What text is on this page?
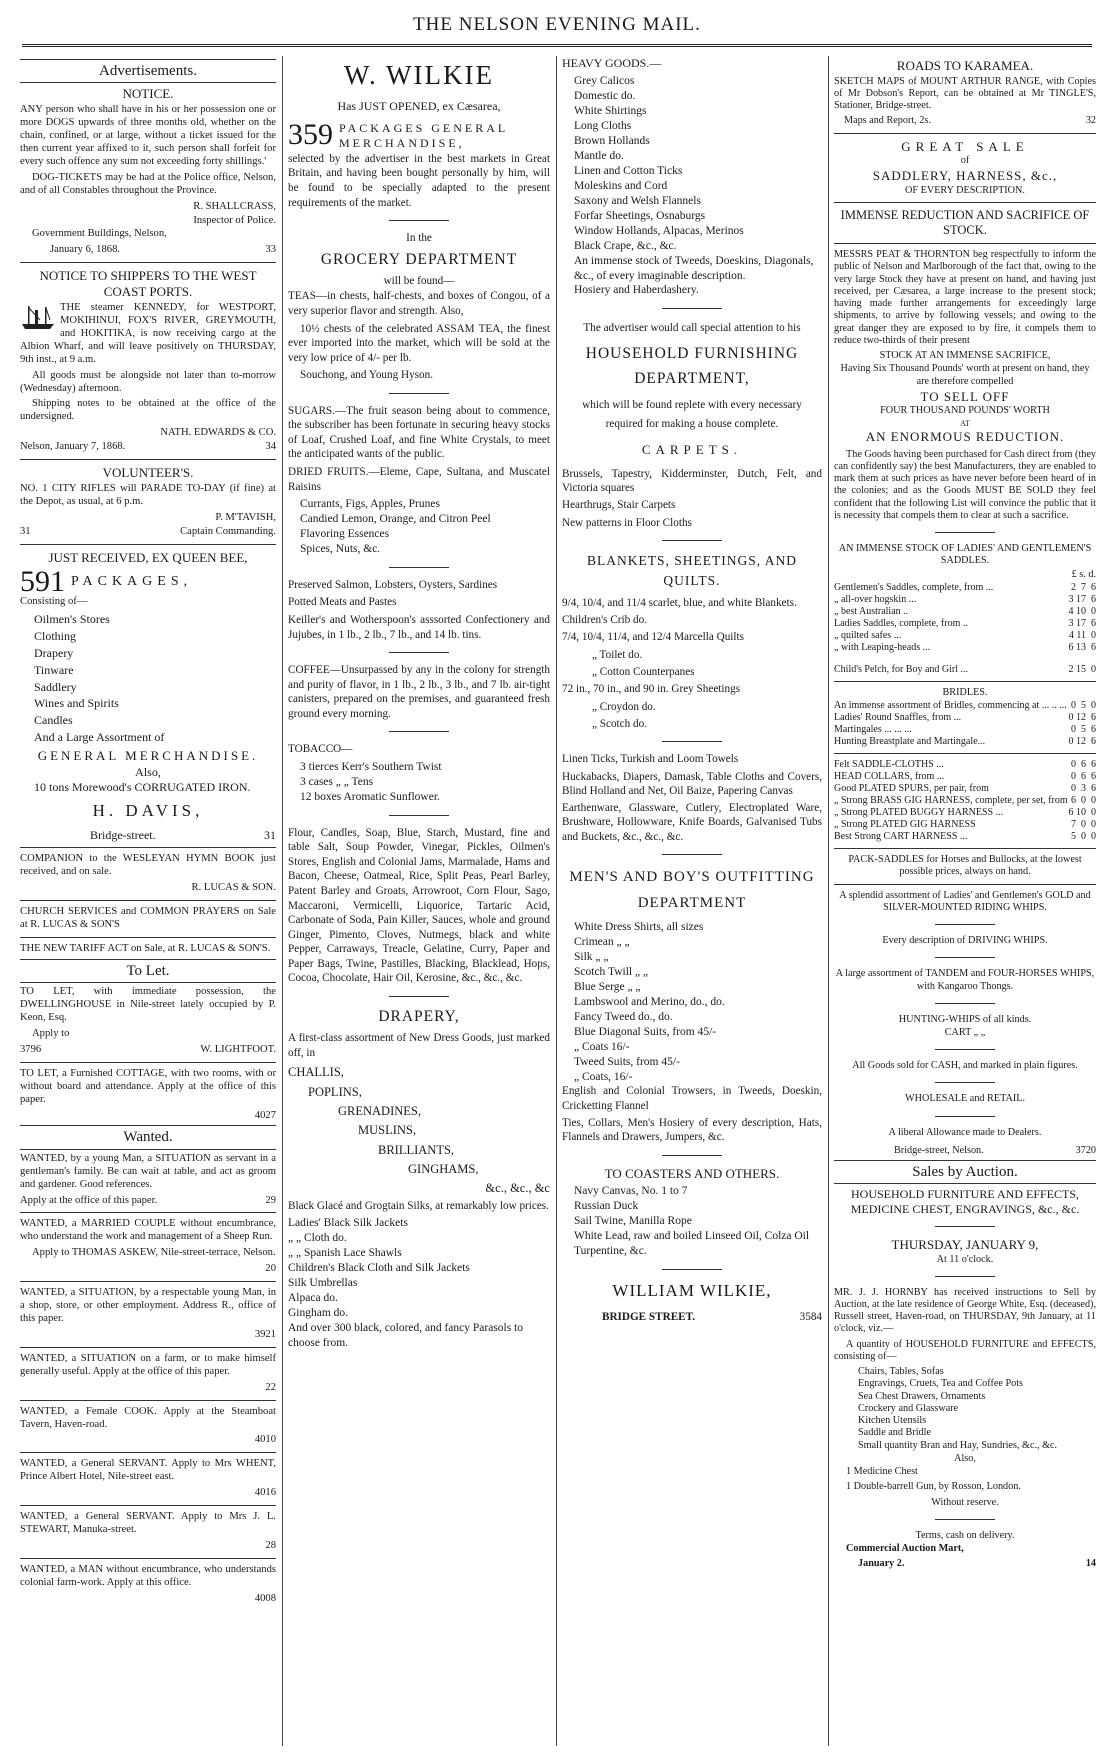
THE NELSON EVENING MAIL.
Advertisements.
NOTICE.

ANY person who shall have in his or her possession one or more DOGS upwards of three months old, whether on the chain, confined, or at large, without a ticket issued for the then current year affixed to it, such person shall forfeit for every such offence any sum not exceeding forty shillings.'

DOG-TICKETS may be had at the Police office, Nelson, and of all Constables throughout the Province.

R. SHALLCRASS,

Inspector of Police.

Government Buildings, Nelson,

January 6, 1868.	33
NOTICE TO SHIPPERS TO THE WEST COAST PORTS.

THE steamer KENNEDY, for WESTPORT, MOKIHINUI, FOX'S RIVER, GREYMOUTH, and HOKITIKA, is now receiving cargo at the Albion Wharf, and will leave positively on THURSDAY, 9th inst., at 9 a.m.

All goods must be alongside not later than to-morrow (Wednesday) afternoon.

Shipping notes to be obtained at the office of the undersigned.

NATH. EDWARDS & CO.

Nelson, January 7, 1868.	34
VOLUNTEER'S.

NO. 1 CITY RIFLES will PARADE TO-DAY (if fine) at the Depot, as usual, at 6 p.m.

P. M'TAVISH,

31	Captain Commanding.
JUST RECEIVED, EX QUEEN BEE,
591 PACKAGES,

Consisting of—

Oilmen's Stores
Clothing
Drapery
Tinware
Saddlery
Wines and Spirits
Candles
And a Large Assortment of
GENERAL MERCHANDISE.
Also,

10 tons Morewood's CORRUGATED IRON.

H. DAVIS,
Bridge-street.	31

COMPANION to the WESLEYAN HYMN BOOK just received, and on sale.

R. LUCAS & SON.

CHURCH SERVICES and COMMON PRAYERS on Sale at R. LUCAS & SON'S

THE NEW TARIFF ACT on Sale, at R. LUCAS & SON'S.

To Let.

TO LET, with immediate possession, the DWELLINGHOUSE in Nile-street lately occupied by P. Keon, Esq.

Apply to

3796	W. LIGHTFOOT.

TO LET, a Furnished COTTAGE, with two rooms, with or without board and attendance. Apply at the office of this paper.

4027

Wanted.

WANTED, by a young Man, a SITUATION as servant in a gentleman's family. Be can wait at table, and act as groom and gardener. Good references.

Apply at the office of this paper.	29

WANTED, a MARRIED COUPLE without encumbrance, who understand the work and management of a Sheep Run.

Apply to THOMAS ASKEW, Nile-street-terrace, Nelson.

20

WANTED, a SITUATION, by a respectable young Man, in a shop, store, or other employment. Address R., office of this paper.

3921

WANTED, a SITUATION on a farm, or to make himself generally useful. Apply at the office of this paper.

22

WANTED, a Female COOK. Apply at the Steamboat Tavern, Haven-road.

4010

WANTED, a General SERVANT. Apply to Mrs WHENT, Prince Albert Hotel, Nile-street east.

4016

WANTED, a General SERVANT. Apply to Mrs J. L. STEWART, Manuka-street.

28

WANTED, a MAN without encumbrance, who understands colonial farm-work. Apply at this office.

4008

W. WILKIE
Has JUST OPENED, ex Cæsarea,
359 PACKAGES GENERAL MERCHANDISE,

selected by the advertiser in the best markets in Great Britain, and having been bought personally by him, will be found to be specially adapted to the present requirements of the market.

In the
GROCERY DEPARTMENT
will be found—

TEAS—in chests, half-chests, and boxes of Congou, of a very superior flavor and strength. Also,

10½ chests of the celebrated ASSAM TEA, the finest ever imported into the market, which will be sold at the very low price of 4/- per lb.

Souchong, and Young Hyson.

SUGARS.—The fruit season being about to commence, the subscriber has been fortunate in securing heavy stocks of Loaf, Crushed Loaf, and fine White Crystals, to meet the anticipated wants of the public.

DRIED FRUITS.—Eleme, Cape, Sultana, and Muscatel Raisins

Currants, Figs, Apples, Prunes
Candied Lemon, Orange, and Citron Peel
Flavoring Essences
Spices, Nuts, &c.

Preserved Salmon, Lobsters, Oysters, Sardines

Potted Meats and Pastes

Keiller's and Wotherspoon's asssorted Confectionery and Jujubes, in 1 lb., 2 lb., 7 lb., and 14 lb. tins.

COFFEE—Unsurpassed by any in the colony for strength and purity of flavor, in 1 lb., 2 lb., 3 lb., and 7 lb. air-tight canisters, prepared on the premises, and guaranteed fresh ground every morning.

TOBACCO—

3 tierces Kerr's Southern Twist
3 cases „ „ Tens
12 boxes Aromatic Sunflower.

Flour, Candles, Soap, Blue, Starch, Mustard, fine and table Salt, Soup Powder, Vinegar, Pickles, Oilmen's Stores, English and Colonial Jams, Marmalade, Hams and Bacon, Cheese, Oatmeal, Rice, Split Peas, Pearl Barley, Patent Barley and Groats, Arrowroot, Corn Flour, Sago, Maccaroni, Vermicelli, Liquorice, Tartaric Acid, Carbonate of Soda, Pain Killer, Sauces, whole and ground Ginger, Pimento, Cloves, Nutmegs, black and white Pepper, Carraways, Treacle, Gelatine, Curry, Paper and Paper Bags, Twine, Pastilles, Blacking, Blacklead, Hops, Cocoa, Chocolate, Hair Oil, Kerosine, &c., &c., &c.

DRAPERY,

A first-class assortment of New Dress Goods, just marked off, in

CHALLIS,
POPLINS,
GRENADINES,
MUSLINS,
BRILLIANTS,
GINGHAMS,
&c., &c., &c

Black Glacé and Grogtain Silks, at remarkably low prices.

Ladies' Black Silk Jackets
„ „ Cloth do.
„ „ Spanish Lace Shawls
Children's Black Cloth and Silk Jackets
Silk Umbrellas
Alpaca do.
Gingham do.
And over 300 black, colored, and fancy Parasols to choose from.

HEAVY GOODS.—

Grey Calicos
Domestic do.
White Shirtings
Long Cloths
Brown Hollands
Mantle do.
Linen and Cotton Ticks
Moleskins and Cord
Saxony and Welsh Flannels
Forfar Sheetings, Osnaburgs
Window Hollands, Alpacas, Merinos
Black Crape, &c., &c.
An immense stock of Tweeds, Doeskins, Diagonals, &c., of every imaginable description.
Hosiery and Haberdashery.

The advertiser would call special attention to his

HOUSEHOLD FURNISHING DEPARTMENT,

which will be found replete with every necessary required for making a house complete.

CARPETS.

Brussels, Tapestry, Kidderminster, Dutch, Felt, and Victoria squares

Hearthrugs, Stair Carpets

New patterns in Floor Cloths

BLANKETS, SHEETINGS, AND QUILTS.

9/4, 10/4, and 11/4 scarlet, blue, and white Blankets.

Children's Crib do.

7/4, 10/4, 11/4, and 12/4 Marcella Quilts

„ Toilet do.

„ Cotton Counterpanes

72 in., 70 in., and 90 in. Grey Sheetings

„ Croydon do.

„ Scotch do.

Linen Ticks, Turkish and Loom Towels

Huckabacks, Diapers, Damask, Table Cloths and Covers, Blind Holland and Net, Oil Baize, Papering Canvas

Earthenware, Glassware, Cutlery, Electroplated Ware, Brushware, Hollowware, Knife Boards, Galvanised Tubs and Buckets, &c., &c., &c.

MEN'S AND BOY'S OUTFITTING DEPARTMENT
White Dress Shirts, all sizes
Crimean „ „
Silk „ „
Scotch Twill „ „
Blue Serge „ „
Lambswool and Merino, do., do.
Fancy Tweed do., do.
Blue Diagonal Suits, from 45/-
„ Coats 16/-
Tweed Suits, from 45/-
„ Coats, 16/-

English and Colonial Trowsers, in Tweeds, Doeskin, Cricketting Flannel

Ties, Collars, Men's Hosiery of every description, Hats, Flannels and Drawers, Jumpers, &c.

TO COASTERS AND OTHERS.
Navy Canvas, No. 1 to 7
Russian Duck
Sail Twine, Manilla Rope
White Lead, raw and boiled Linseed Oil, Colza Oil
Turpentine, &c.
WILLIAM WILKIE,
BRIDGE STREET.	3584
ROADS TO KARAMEA.

SKETCH MAPS of MOUNT ARTHUR RANGE, with Copies of Mr Dobson's Report, can be obtained at Mr TINGLE'S, Stationer, Bridge-street.

Maps and Report, 2s.	32
GREAT SALE
of
SADDLERY, HARNESS, &c.,
OF EVERY DESCRIPTION.
IMMENSE REDUCTION AND SACRIFICE OF STOCK.

MESSRS PEAT & THORNTON beg respectfully to inform the public of Nelson and Marlborough of the fact that, owing to the very large Stock they have at present on hand, and having just received, per Cæsarea, a large increase to the present stock; having made further arrangements for exceedingly large shipments, to arrive by following vessels; and owing to the great danger they are exposed to by fire, it compels them to reduce two-thirds of their present

STOCK AT AN IMMENSE SACRIFICE,
Having Six Thousand Pounds' worth at present on hand, they are therefore compelled
TO SELL OFF
FOUR THOUSAND POUNDS' WORTH
AT
AN ENORMOUS REDUCTION.

The Goods having been purchased for Cash direct from (they can confidently say) the best Manufacturers, they are enabled to mark them at such prices as have never before been heard of in the colonies; and as the Goods MUST BE SOLD they feel confident that the following List will convince the public that it is necessity that compels them to clear at such a sacrifice.

AN IMMENSE STOCK OF LADIES' AND GENTLEMEN'S SADDLES.
£ s. d.
Gentlemen's Saddles, complete, from ...	2  7  6
„ all-over hogskin ...	3 17  6
„ best Australian ..	4 10  0
Ladies Saddles, complete, from ..	3 17  6
„ quilted safes ...	4 11  0
„ with Leaping-heads ...	6 13  6
Child's Pelch, for Boy and Girl ...	2 15  0
BRIDLES.
An immense assortment of Bridles, commencing at ... .. ... 0  5  0
Ladies' Round Snaffles, from ...	0 12  6
Martingales ... ... ...	0  5  6
Hunting Breastplate and Martingale...	0 12  6
Felt SADDLE-CLOTHS ...	0  6  6
HEAD COLLARS, from ...	0  6  6
Good PLATED SPURS, per pair, from	0  3  6
„ Strong BRASS GIG HARNESS, complete, per set, from 6  0  0
„ Strong PLATED BUGGY HARNESS ...	6 10  0
„ Strong PLATED GIG HARNESS	7  0  0
Best Strong CART HARNESS ...	5  0  0

PACK-SADDLES for Horses and Bullocks, at the lowest possible prices, always on hand.

A splendid assortment of Ladies' and Gentlemen's GOLD and SILVER-MOUNTED RIDING WHIPS.

Every description of DRIVING WHIPS.

A large assortment of TANDEM and FOUR-HORSES WHIPS, with Kangaroo Thongs.

HUNTING-WHIPS of all kinds.

CART „ „

All Goods sold for CASH, and marked in plain figures.

WHOLESALE and RETAIL.

A liberal Allowance made to Dealers.

Bridge-street, Nelson.	3720
Sales by Auction.
HOUSEHOLD FURNITURE AND EFFECTS, MEDICINE CHEST, ENGRAVINGS, &c., &c.
THURSDAY, JANUARY 9,
At 11 o'clock.

MR. J. J. HORNBY has received instructions to Sell by Auction, at the late residence of George White, Esq. (deceased), Russell street, Haven-road, on THURSDAY, 9th January, at 11 o'clock, viz.—

A quantity of HOUSEHOLD FURNITURE and EFFECTS, consisting of—

Chairs, Tables, Sofas
Engravings, Cruets, Tea and Coffee Pots
Sea Chest Drawers, Ornaments
Crockery and Glassware
Kitchen Utensils
Saddle and Bridle
Small quantity Bran and Hay, Sundries, &c., &c.
Also,

1 Medicine Chest

1 Double-barrell Gun, by Rosson, London.

Without reserve.
Terms, cash on delivery.

Commercial Auction Mart,

January 2.	14
